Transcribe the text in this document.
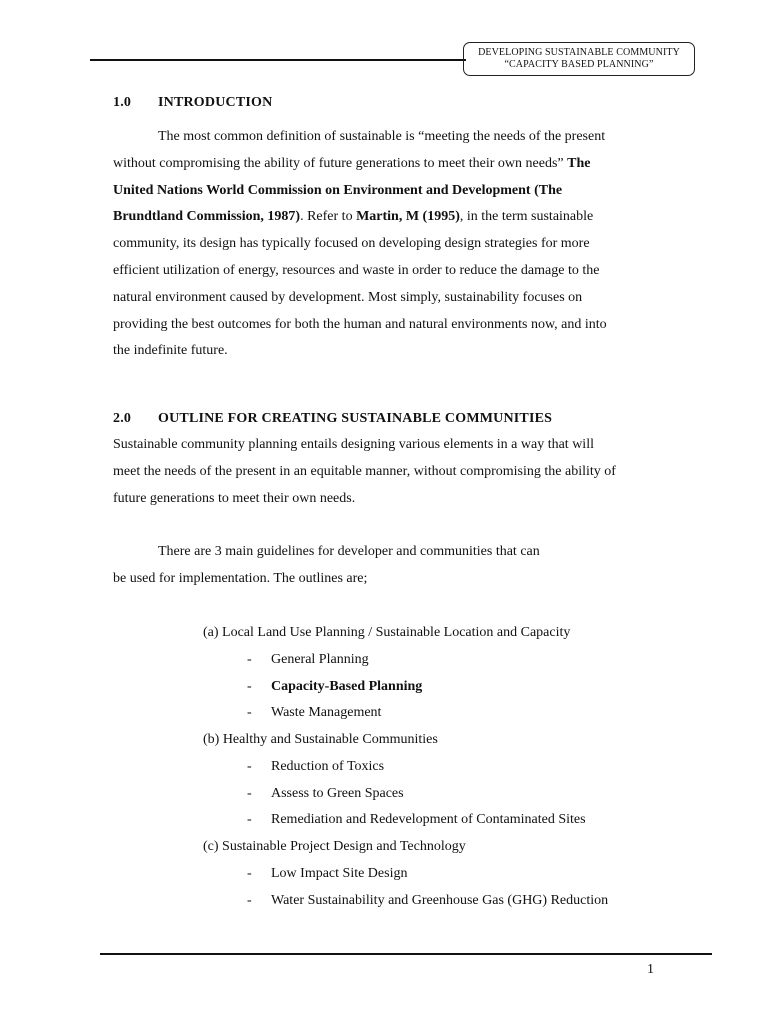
DEVELOPING SUSTAINABLE COMMUNITY
“CAPACITY BASED PLANNING”
1.0 INTRODUCTION
The most common definition of sustainable is “meeting the needs of the present
without compromising the ability of future generations to meet their own needs” The
United Nations World Commission on Environment and Development (The
Brundtland Commission, 1987). Refer to Martin, M (1995), in the term sustainable
community, its design has typically focused on developing design strategies for more
efficient utilization of energy, resources and waste in order to reduce the damage to the
natural environment caused by development. Most simply, sustainability focuses on
providing the best outcomes for both the human and natural environments now, and into
the indefinite future.
2.0 OUTLINE FOR CREATING SUSTAINABLE COMMUNITIES
Sustainable community planning entails designing various elements in a way that will
meet the needs of the present in an equitable manner, without compromising the ability of
future generations to meet their own needs.
There are 3 main guidelines for developer and communities that can
be used for implementation. The outlines are;
(a) Local Land Use Planning / Sustainable Location and Capacity
- General Planning
- Capacity-Based Planning
- Waste Management
(b) Healthy and Sustainable Communities
- Reduction of Toxics
- Assess to Green Spaces
- Remediation and Redevelopment of Contaminated Sites
(c) Sustainable Project Design and Technology
- Low Impact Site Design
- Water Sustainability and Greenhouse Gas (GHG) Reduction
1
